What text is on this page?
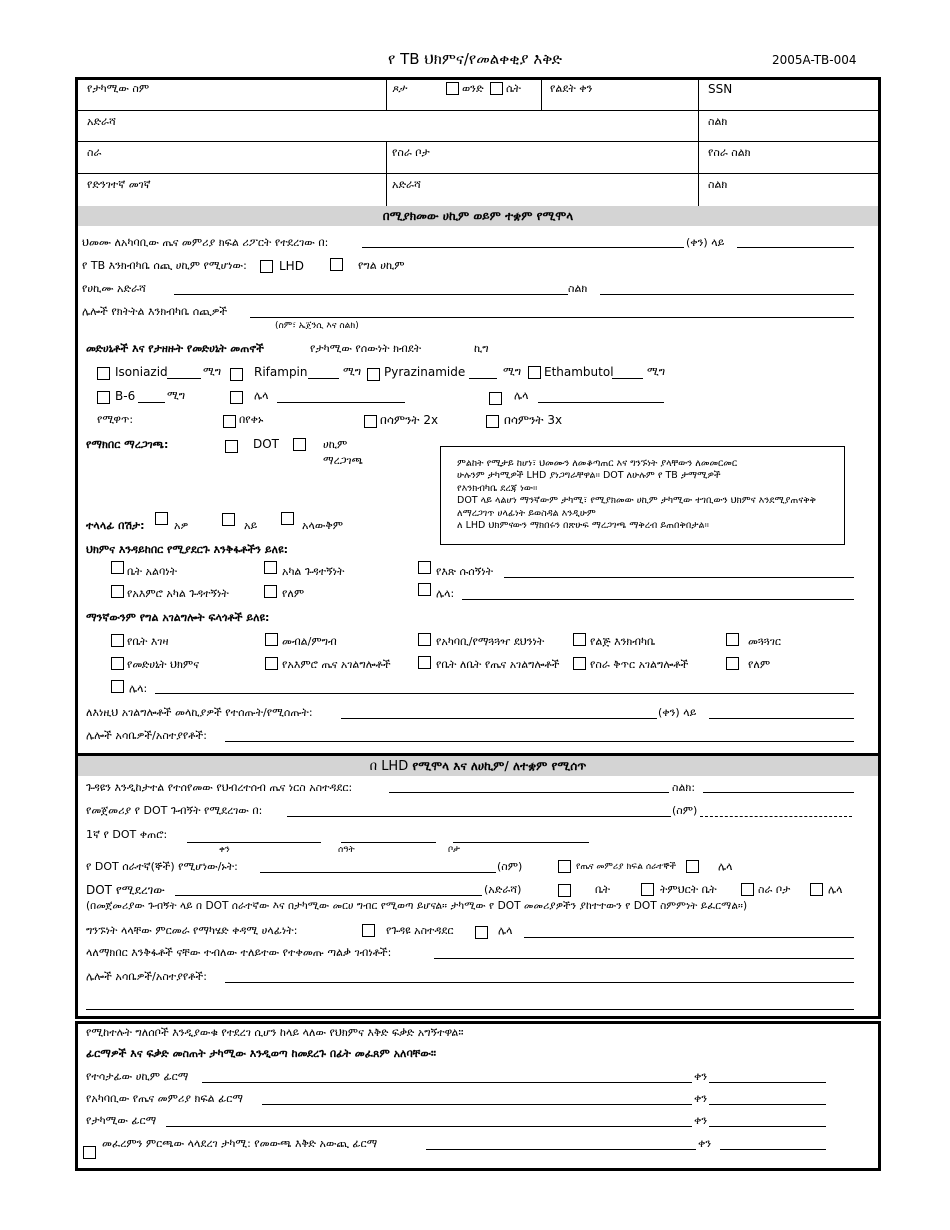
የ TB ህክምና/የመልቀቂያ እቅድ	2005A-TB-004
የታካሚው ስም	ጾታ	ወንድ ሴት	የልደት ቀን	SSN
አድራሻ	ስልክ
ስራ	የስራ ቦታ	የስራ ስልክ
የድንገተኛ መገኛ	አድራሻ	ስልክ
በሚያክመው ሀኪም ወይም ተቋም የሚሞላ
ህመሙ ለአካባቢው ጤና መምሪያ ክፍል ሪፖርት የተደረገው በ:	(ቀን) ላይ
የ TB እንክብካቤ ሰጪ ሀኪም የሚሆነው:	LHD	የግል ሀኪም
የሀኪሙ አድራሻ	ስልክ
ሌሎች የክትትል እንክብካቤ ሰጪዎች
(ስም፣ ኤጀንሲ እና ስልክ)
መድሀኒቶች እና የታዘዙት የመድሀኒት መጠኖች	የታካሚው የሰውነት ክብደት	ኪግ
Isoniazid	ሚግ	Rifampin	ሚግ Pyrazinamide	ሚግ Ethambutol	ሚግ
B-6	ሚግ	ሌላ	ሌላ
የሚዋጥ:	በየቀኑ	በሳምንት 2x	በሳምንት 3x
የማክበር ማረጋገጫ:	DOT	ሀኪም ማረጋገጫ	ምልከት የሚታይ ከሆነ፣ ህመሙን ለመቆጣጠር እና ግንኙነት ያላቸውን ለመመርመር
ሁሉንም ታካሚዎች LHD ያነጋግራቸዋል። DOT ለሁሉም የ TB ታማሚዎች
የእንክብካቤ ደረጃ ነው።
DOT ላይ ላልሆነ ማንኛውም ታካሚ፣ የሚያክመው ሀኪም ታካሚው ተገቢውን ህክምና እንደሚያጠናቅቅ
ለማረጋገጥ ሀላፊነት ይወስዳል እንዲሁም
ለ LHD ህክምናውን ማክበሩን በጽሁፍ ማረጋገጫ ማቅረብ ይጠበቅበታል።
ተላላፊ በሽታ:	አዎ	አይ	አላውቅም
ህክምና እንዳይከበር የሚያደርጉ እንቅፋቶችን ይለዩ:
ቤት አልባነት	አካል ጉዳተኝነት	የእጽ ሱሰኝነት
የአእምሮ አካል ጉዳተኝነት	የለም	ሌላ:
ማንኛውንም የግል አገልግሎት ፍላጎቶች ይለዩ:
የቤት እገዛ	መብል/ምግብ	የአካባቢ/የማጓጓዣ ደህንነት	የልጅ እንክብካቤ	መጓጓገር
የመድሀኒት ህክምና	የአእምሮ ጤና አገልግሎቶች	የቤት ለቤት የጤና አገልግሎቶች	የስራ ቅጥር አገልግሎቶች	የለም
ሌላ:
ለእነዚህ አገልግሎቶች መላኪያዎች የተሰጡት/የሚሰጡት:	(ቀን) ላይ
ሌሎች አሳቤዎች/አስተያየቶች:
በ LHD የሚሞላ እና ለሀኪም/ ለተቋም የሚሰጥ
ጉዳዩን እንዲከታተል የተሰየመው የህብረተሰብ ጤና ነርስ አስተዳደር:	ስልክ:
የመጀመሪያ የ DOT ጉብኝት የሚደረገው በ:	(ስም)
1ኛ የ DOT ቀጠሮ:
ቀን	ሰዓት	ቦታ
የ DOT ሰራተኛ(ኞች) የሚሆነው/ኑት:	(ስም)	የጤና መምሪያ ክፍል ሰራተኞች	ሌላ
DOT የሚደረገው	(አድራሻ)	ቤት	ትምህርት ቤት	ስራ ቦታ	ሌላ
(በመጀመሪያው ጉብኝት ላይ በ DOT ሰራተኛው እና በታካሚው መርሀ ግብር የሚወጣ ይሆናል። ታካሚው የ DOT መመሪያዎችን ያከተተውን የ DOT ስምምነት ይፈርማል።)
ግንኙነት ላላቸው ምርመራ የማካሄድ ቀዳሚ ሀላፊነት:	የጉዳዩ አስተዳደር	ሌላ
ላለማክበር እንቅፋቶች ናቸው ተብለው ተለይተው የተቀመጡ ጣልቃ ገብነቶች:
ሌሎች አሳቤዎች/አስተያየቶች:
የሚከተሉት ግለሰቦች እንዲያውቁ የተደረገ ሲሆን ከላይ ላለው የህክምና እቅድ ፍቃድ አግኝተዋል።
ፊርማዎች እና ፍቃድ መስጠት ታካሚው እንዲወጣ ከመደረጉ በፊት መፈጸም አለባቸው።
የተሳታፊው ሀኪም ፊርማ	ቀን
የአካባቢው የጤና መምሪያ ክፍል ፊርማ	ቀን
የታካሚው ፊርማ	ቀን
መፈረምን ምርጫው ላላደረገ ታካሚ: የመውጫ እቅድ አውጪ ፊርማ	ቀን
